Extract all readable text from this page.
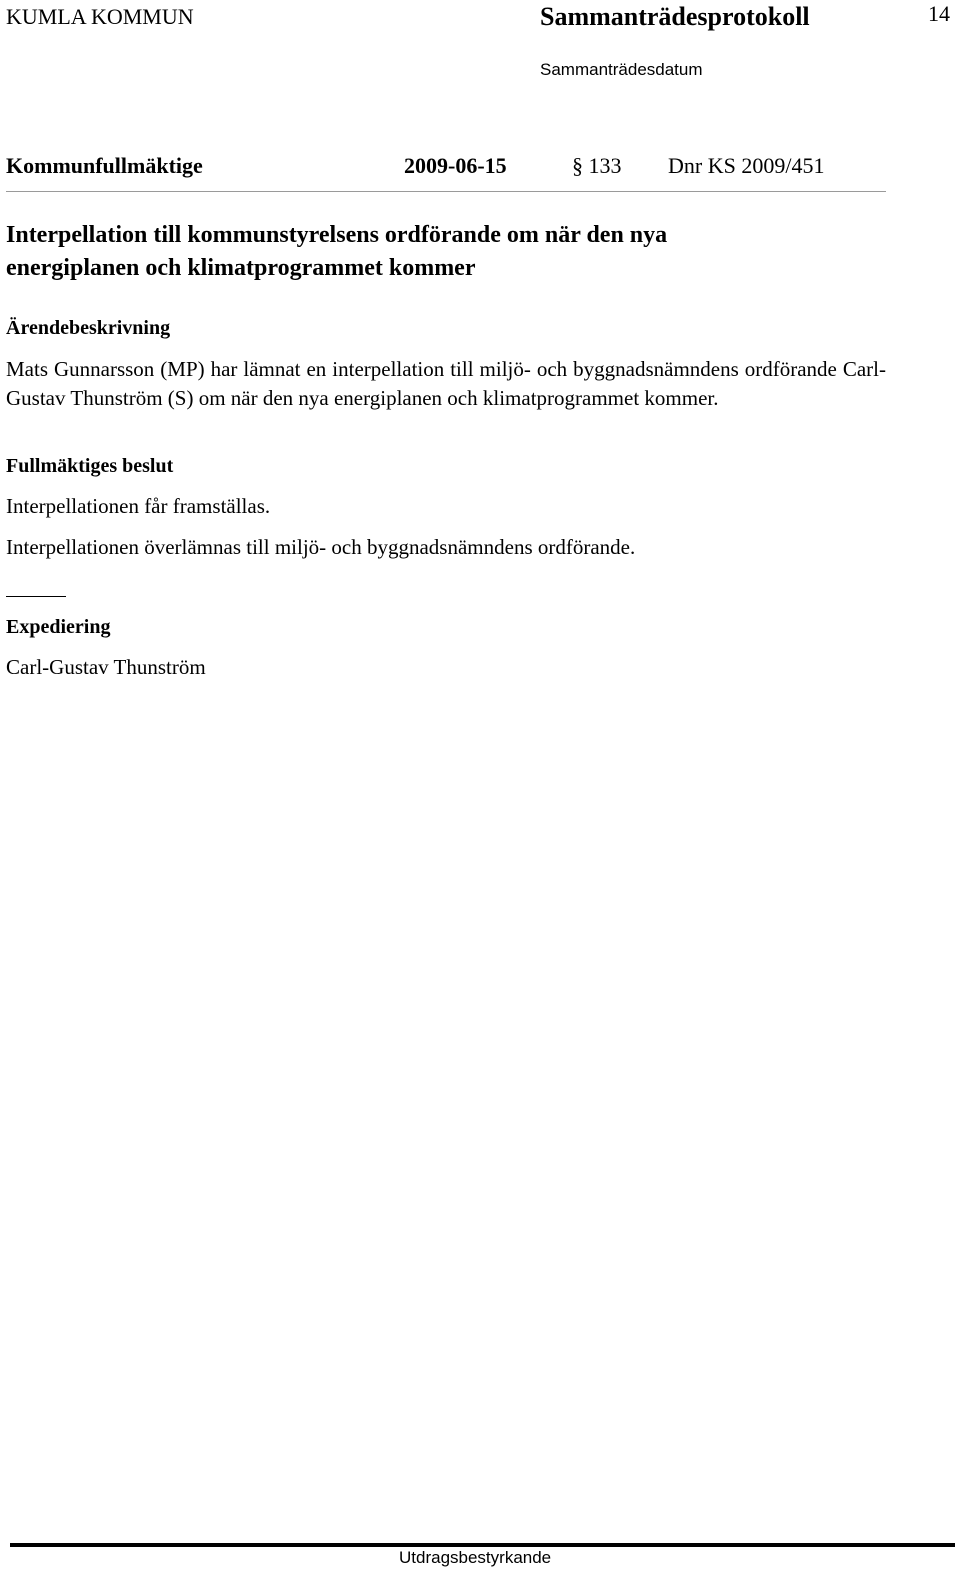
KUMLA KOMMUN	Sammanträdesprotokoll	14
Sammanträdesdatum
Kommunfullmäktige	2009-06-15	§ 133 Dnr KS 2009/451
Interpellation till kommunstyrelsens ordförande om när den nya
energiplanen och klimatprogrammet kommer
Ärendebeskrivning
Mats Gunnarsson (MP) har lämnat en interpellation till miljö- och byggnadsnämndens ordförande Carl-Gustav Thunström (S) om när den nya energiplanen och klimatprogrammet kommer.
Fullmäktiges beslut
Interpellationen får framställas.
Interpellationen överlämnas till miljö- och byggnadsnämndens ordförande.
Expediering
Carl-Gustav Thunström
Utdragsbestyrkande
